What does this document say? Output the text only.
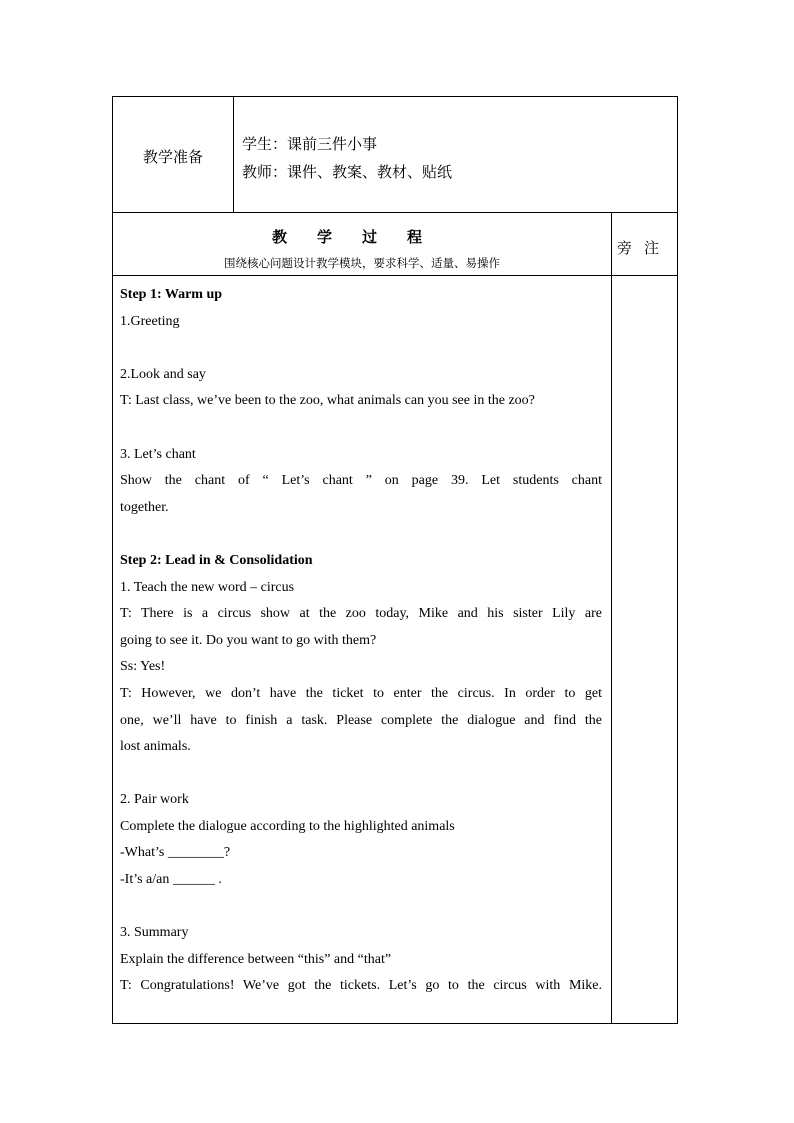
教学准备
学生：课前三件小事
教师：课件、教案、教材、贴纸
教学过程
围绕核心问题设计教学模块，要求科学、适量、易操作
旁注

Step 1: Warm up

1.Greeting

2.Look and say

T: Last class, we’ve been to the zoo, what animals can you see in the zoo?

3. Let’s chant

Show the chant of “ Let’s chant ” on page 39. Let students chant

together.

Step 2: Lead in & Consolidation

1. Teach the new word – circus

T: There is a circus show at the zoo today, Mike and his sister Lily are

going to see it. Do you want to go with them?

Ss: Yes!

T: However, we don’t have the ticket to enter the circus. In order to get

one, we’ll have to finish a task. Please complete the dialogue and find the

lost animals.

2. Pair work

Complete the dialogue according to the highlighted animals

-What’s ________?

-It’s a/an ______ .

3. Summary

Explain the difference between “this” and “that”

T: Congratulations! We’ve got the tickets. Let’s go to the circus with Mike.
